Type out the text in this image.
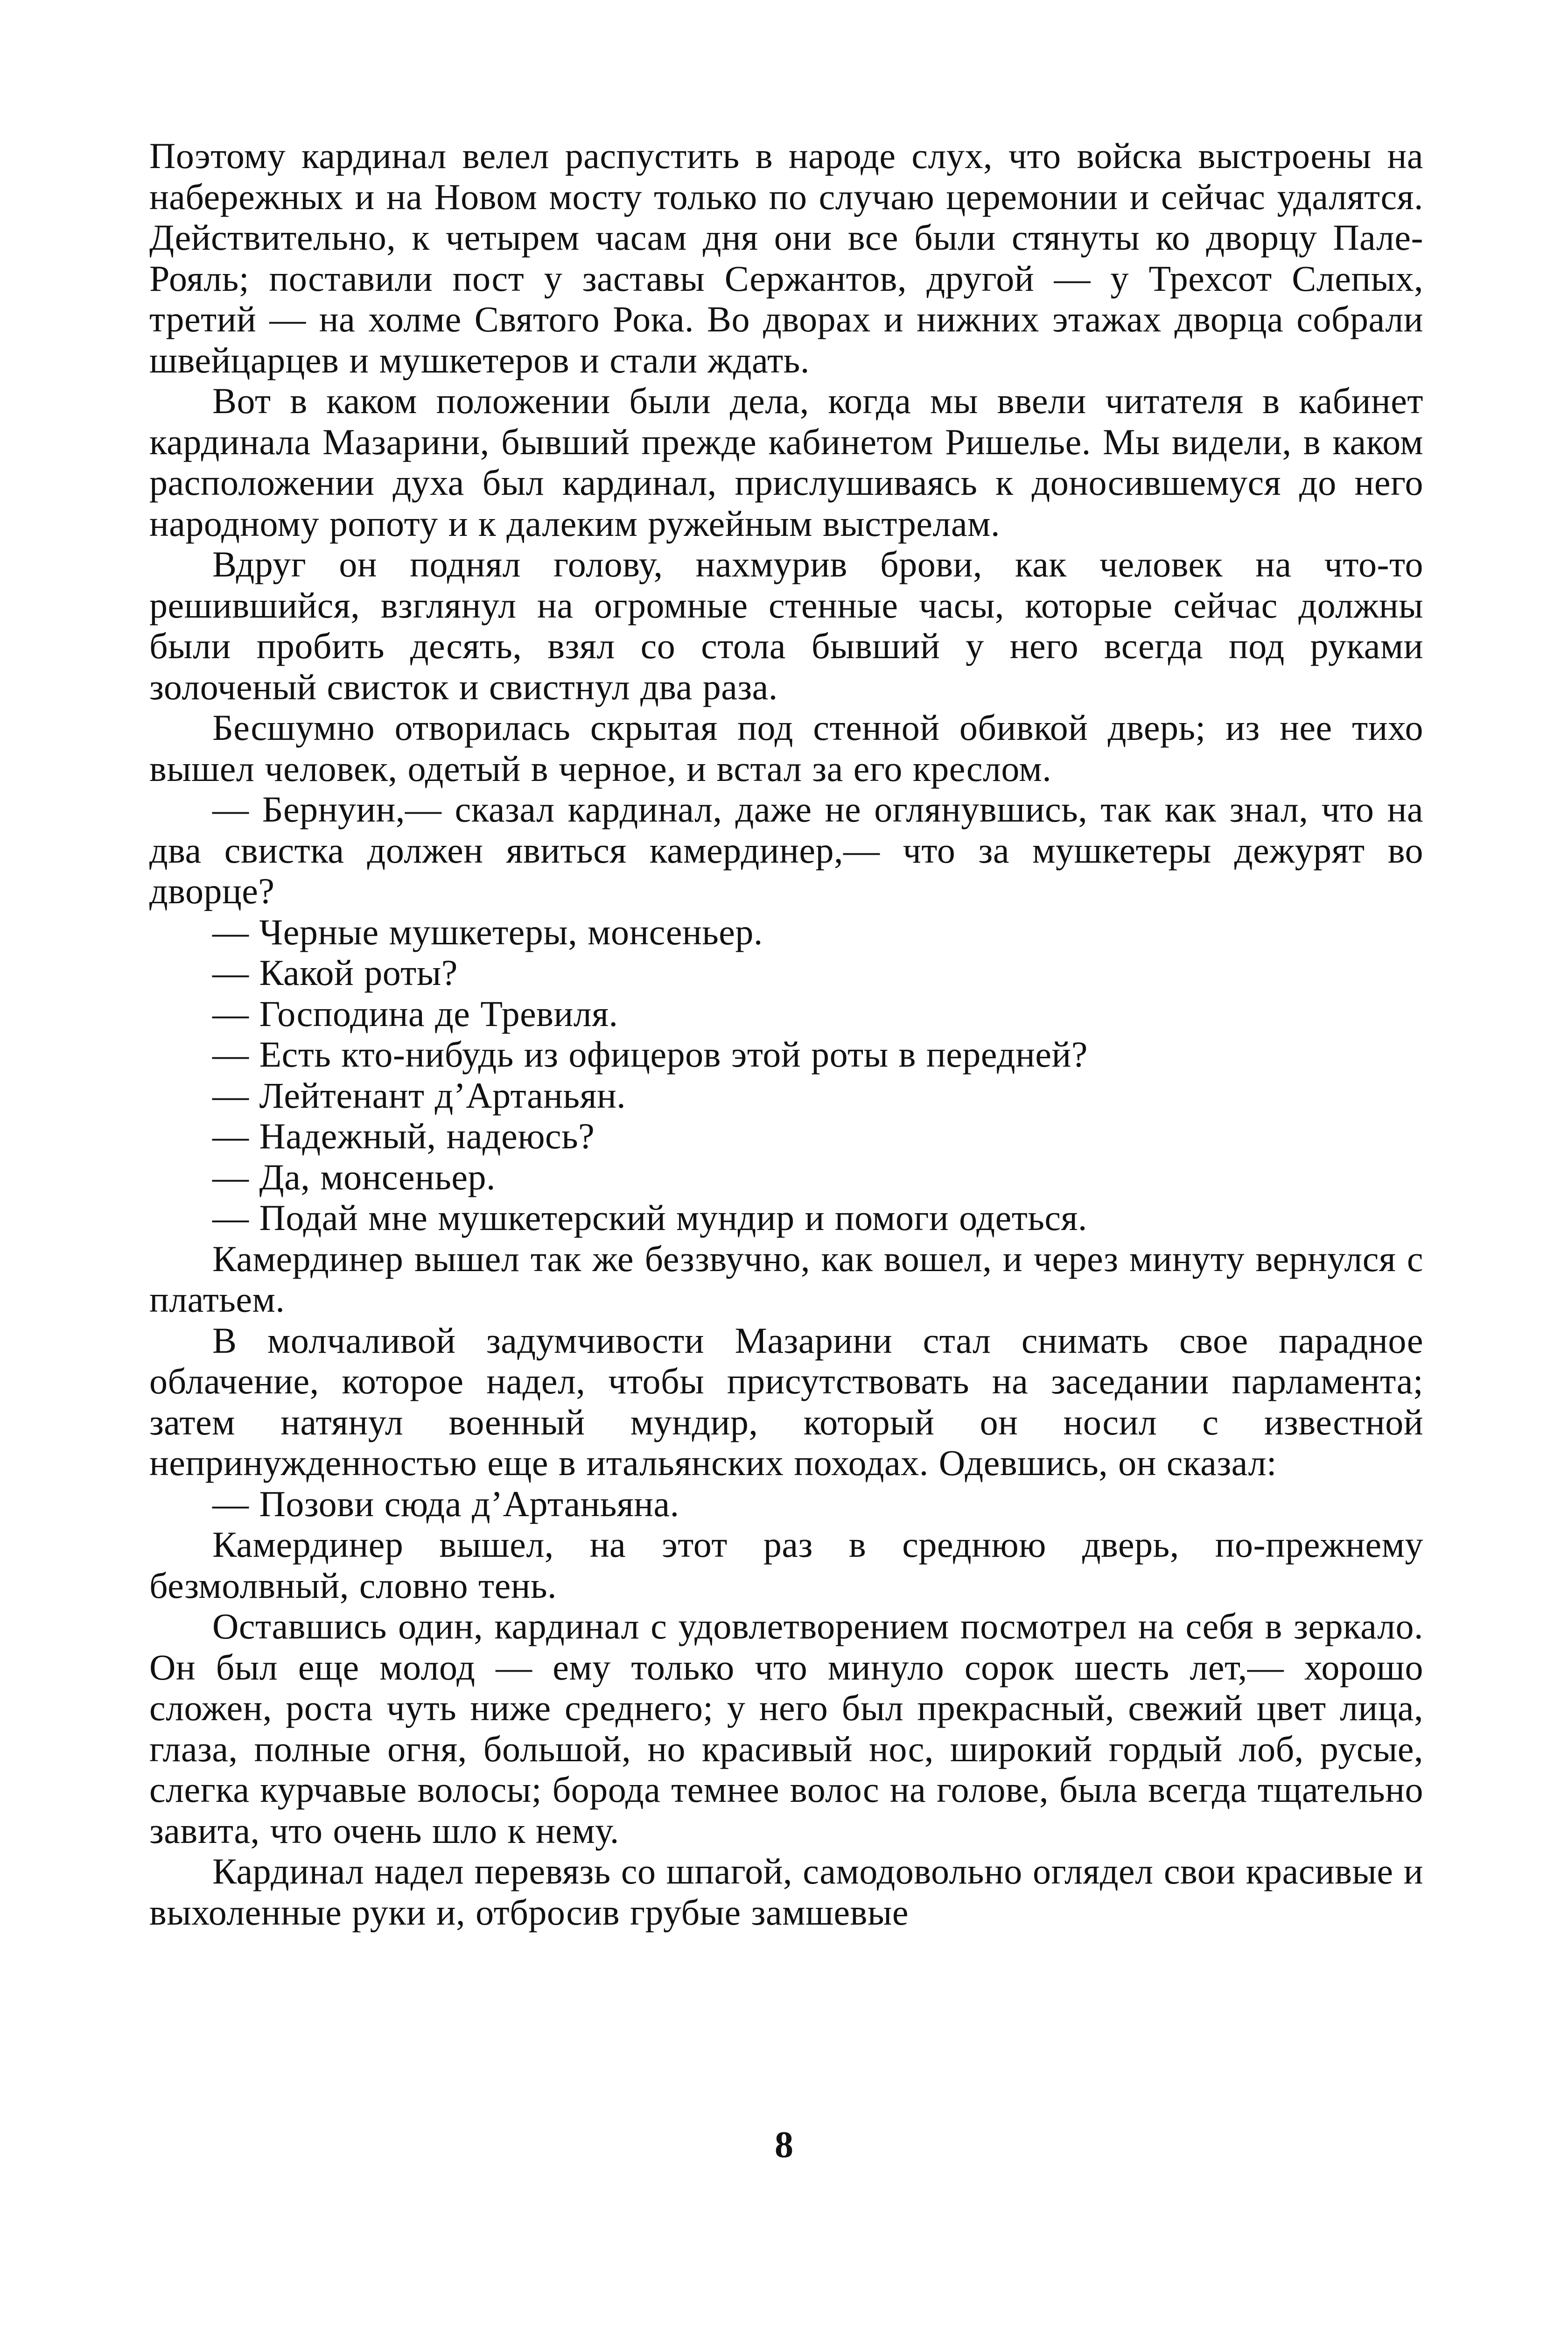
Поэтому кардинал велел распустить в народе слух, что войска выстроены на набережных и на Новом мосту только по случаю церемонии и сейчас удалятся. Действительно, к четырем часам дня они все были стянуты ко дворцу Пале-Рояль; поставили пост у заставы Сержантов, другой — у Трехсот Слепых, третий — на холме Святого Рока. Во дворах и нижних этажах дворца собрали швейцарцев и мушкетеров и стали ждать.

Вот в каком положении были дела, когда мы ввели читателя в кабинет кардинала Мазарини, бывший прежде кабинетом Ришелье. Мы видели, в каком расположении духа был кардинал, прислушиваясь к доносившемуся до него народному ропоту и к далеким ружейным выстрелам.

Вдруг он поднял голову, нахмурив брови, как человек на что-то решившийся, взглянул на огромные стенные часы, которые сейчас должны были пробить десять, взял со стола бывший у него всегда под руками золоченый свисток и свистнул два раза.

Бесшумно отворилась скрытая под стенной обивкой дверь; из нее тихо вышел человек, одетый в черное, и встал за его креслом.

— Бернуин,— сказал кардинал, даже не оглянувшись, так как знал, что на два свистка должен явиться камердинер,— что за мушкетеры дежурят во дворце?

— Черные мушкетеры, монсеньер.

— Какой роты?

— Господина де Тревиля.

— Есть кто-нибудь из офицеров этой роты в передней?

— Лейтенант д’Артаньян.

— Надежный, надеюсь?

— Да, монсеньер.

— Подай мне мушкетерский мундир и помоги одеться.

Камердинер вышел так же беззвучно, как вошел, и через минуту вернулся с платьем.

В молчаливой задумчивости Мазарини стал снимать свое парадное облачение, которое надел, чтобы присутствовать на заседании парламента; затем натянул военный мундир, который он носил с известной непринужденностью еще в итальянских походах. Одевшись, он сказал:

— Позови сюда д’Артаньяна.

Камердинер вышел, на этот раз в среднюю дверь, по-прежнему безмолвный, словно тень.

Оставшись один, кардинал с удовлетворением посмотрел на себя в зеркало. Он был еще молод — ему только что минуло сорок шесть лет,— хорошо сложен, роста чуть ниже среднего; у него был прекрасный, свежий цвет лица, глаза, полные огня, большой, но красивый нос, широкий гордый лоб, русые, слегка курчавые волосы; борода темнее волос на голове, была всегда тщательно завита, что очень шло к нему.

Кардинал надел перевязь со шпагой, самодовольно оглядел свои красивые и выхоленные руки и, отбросив грубые замшевые

8
